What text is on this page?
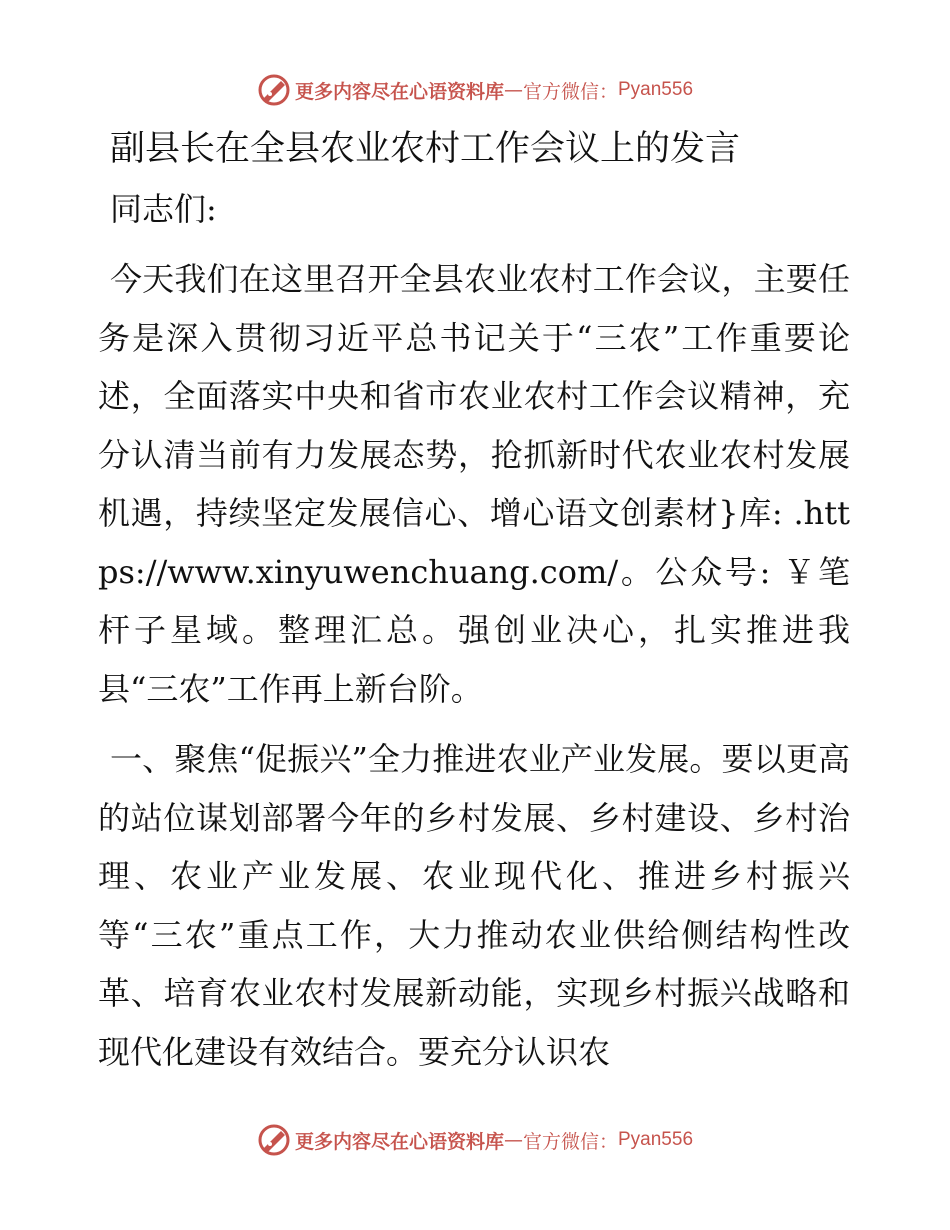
更多内容尽在心语资料库 — 官方微信： Pyan556

副县长在全县农业农村工作会议上的发言

同志们:

今天我们在这里召开全县农业农村工作会议，主要任务是深入贯彻习近平总书记关于“三农”工作重要论述，全面落实中央和省市农业农村工作会议精神，充分认清当前有力发展态势，抢抓新时代农业农村发展机遇，持续坚定发展信心、增心语文创素材}库: .https://www.xinyuwenchuang.com/。公众号: ￥笔杆子星域。整理汇总。强创业决心，扎实推进我县“三农”工作再上新台阶。

一、聚焦“促振兴”全力推进农业产业发展。要以更高的站位谋划部署今年的乡村发展、乡村建设、乡村治理、农业产业发展、农业现代化、推进乡村振兴等“三农”重点工作，大力推动农业供给侧结构性改革、培育农业农村发展新动能，实现乡村振兴战略和现代化建设有效结合。要充分认识农

更多内容尽在心语资料库 — 官方微信： Pyan556
